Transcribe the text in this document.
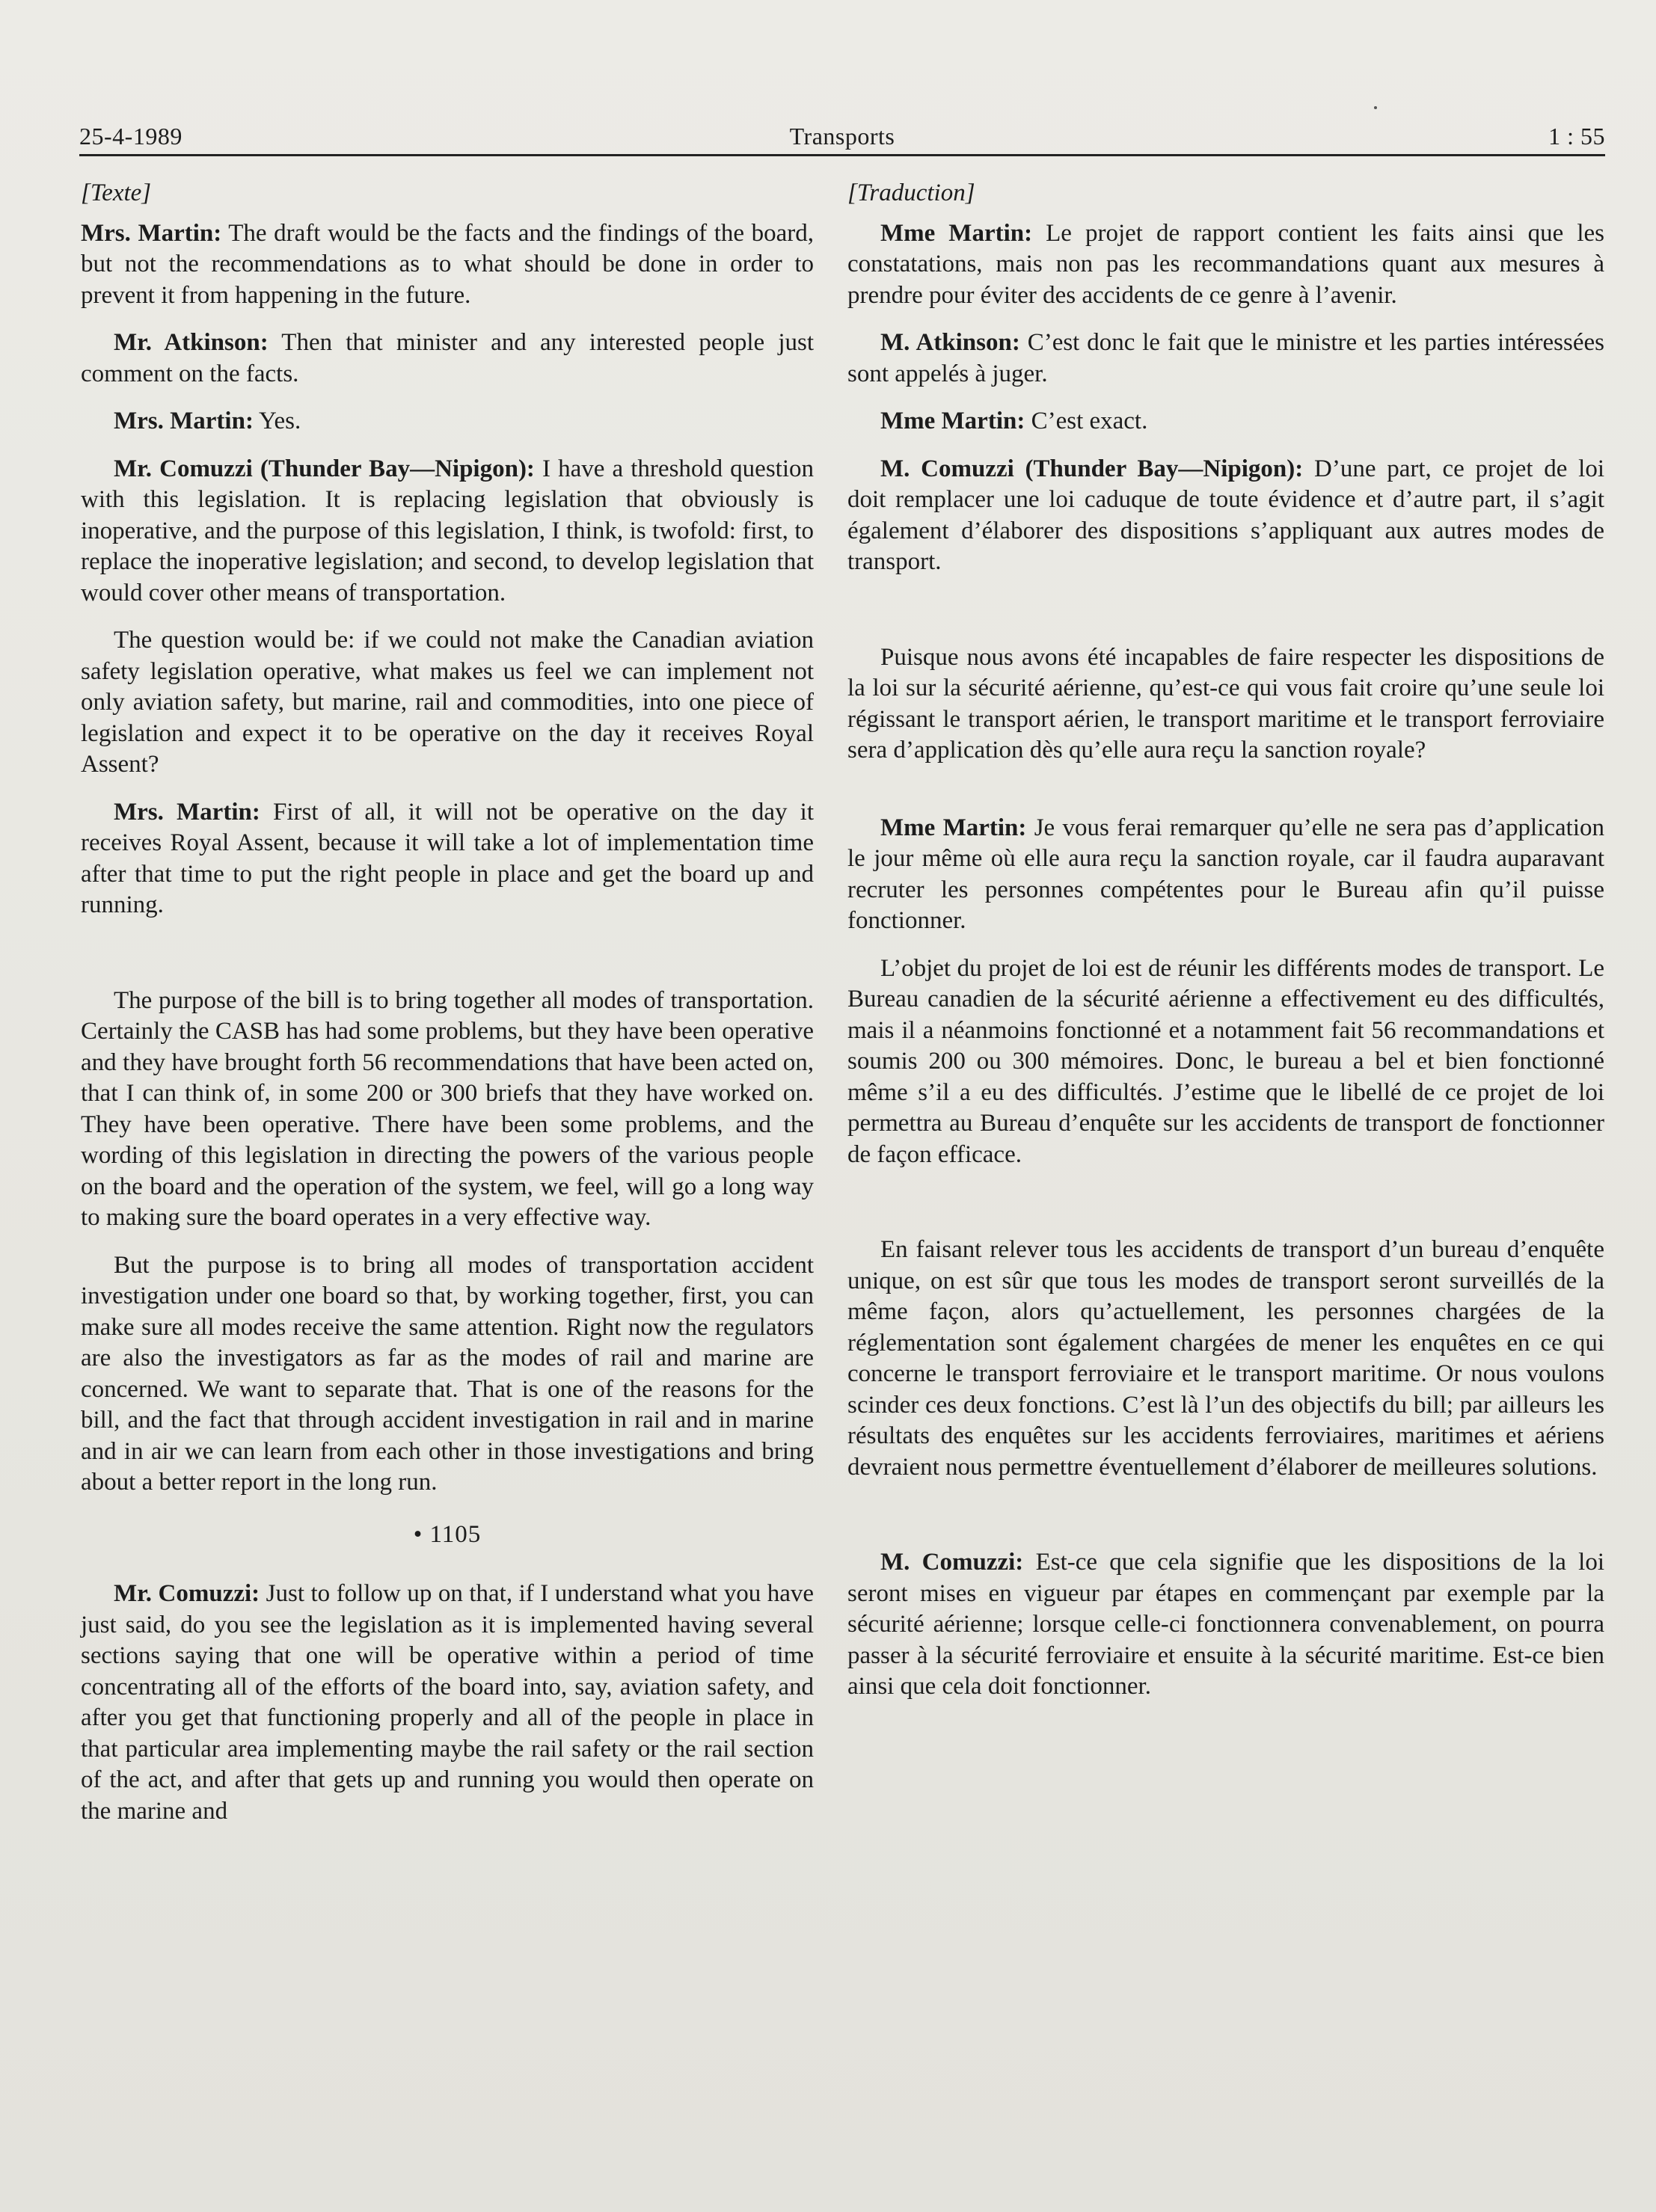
Transports
25-4-1989	1 : 55

[Texte]

Mrs. Martin: The draft would be the facts and the findings of the board, but not the recommendations as to what should be done in order to prevent it from happening in the future.

Mr. Atkinson: Then that minister and any interested people just comment on the facts.

Mrs. Martin: Yes.

Mr. Comuzzi (Thunder Bay—Nipigon): I have a threshold question with this legislation. It is replacing legislation that obviously is inoperative, and the purpose of this legislation, I think, is twofold: first, to replace the inoperative legislation; and second, to develop legislation that would cover other means of transportation.

The question would be: if we could not make the Canadian aviation safety legislation operative, what makes us feel we can implement not only aviation safety, but marine, rail and commodities, into one piece of legislation and expect it to be operative on the day it receives Royal Assent?

Mrs. Martin: First of all, it will not be operative on the day it receives Royal Assent, because it will take a lot of implementation time after that time to put the right people in place and get the board up and running.

The purpose of the bill is to bring together all modes of transportation. Certainly the CASB has had some problems, but they have been operative and they have brought forth 56 recommendations that have been acted on, that I can think of, in some 200 or 300 briefs that they have worked on. They have been operative. There have been some problems, and the wording of this legislation in directing the powers of the various people on the board and the operation of the system, we feel, will go a long way to making sure the board operates in a very effective way.

But the purpose is to bring all modes of transportation accident investigation under one board so that, by working together, first, you can make sure all modes receive the same attention. Right now the regulators are also the investigators as far as the modes of rail and marine are concerned. We want to separate that. That is one of the reasons for the bill, and the fact that through accident investigation in rail and in marine and in air we can learn from each other in those investigations and bring about a better report in the long run.

• 1105

Mr. Comuzzi: Just to follow up on that, if I understand what you have just said, do you see the legislation as it is implemented having several sections saying that one will be operative within a period of time concentrating all of the efforts of the board into, say, aviation safety, and after you get that functioning properly and all of the people in place in that particular area implementing maybe the rail safety or the rail section of the act, and after that gets up and running you would then operate on the marine and

[Traduction]

Mme Martin: Le projet de rapport contient les faits ainsi que les constatations, mais non pas les recommandations quant aux mesures à prendre pour éviter des accidents de ce genre à l’avenir.

M. Atkinson: C’est donc le fait que le ministre et les parties intéressées sont appelés à juger.

Mme Martin: C’est exact.

M. Comuzzi (Thunder Bay—Nipigon): D’une part, ce projet de loi doit remplacer une loi caduque de toute évidence et d’autre part, il s’agit également d’élaborer des dispositions s’appliquant aux autres modes de transport.

Puisque nous avons été incapables de faire respecter les dispositions de la loi sur la sécurité aérienne, qu’est-ce qui vous fait croire qu’une seule loi régissant le transport aérien, le transport maritime et le transport ferroviaire sera d’application dès qu’elle aura reçu la sanction royale?

Mme Martin: Je vous ferai remarquer qu’elle ne sera pas d’application le jour même où elle aura reçu la sanction royale, car il faudra auparavant recruter les personnes compétentes pour le Bureau afin qu’il puisse fonctionner.

L’objet du projet de loi est de réunir les différents modes de transport. Le Bureau canadien de la sécurité aérienne a effectivement eu des difficultés, mais il a néanmoins fonctionné et a notamment fait 56 recommandations et soumis 200 ou 300 mémoires. Donc, le bureau a bel et bien fonctionné même s’il a eu des difficultés. J’estime que le libellé de ce projet de loi permettra au Bureau d’enquête sur les accidents de transport de fonctionner de façon efficace.

En faisant relever tous les accidents de transport d’un bureau d’enquête unique, on est sûr que tous les modes de transport seront surveillés de la même façon, alors qu’actuellement, les personnes chargées de la réglementation sont également chargées de mener les enquêtes en ce qui concerne le transport ferroviaire et le transport maritime. Or nous voulons scinder ces deux fonctions. C’est là l’un des objectifs du bill; par ailleurs les résultats des enquêtes sur les accidents ferroviaires, maritimes et aériens devraient nous permettre éventuellement d’élaborer de meilleures solutions.

M. Comuzzi: Est-ce que cela signifie que les dispositions de la loi seront mises en vigueur par étapes en commençant par exemple par la sécurité aérienne; lorsque celle-ci fonctionnera convenablement, on pourra passer à la sécurité ferroviaire et ensuite à la sécurité maritime. Est-ce bien ainsi que cela doit fonctionner.
